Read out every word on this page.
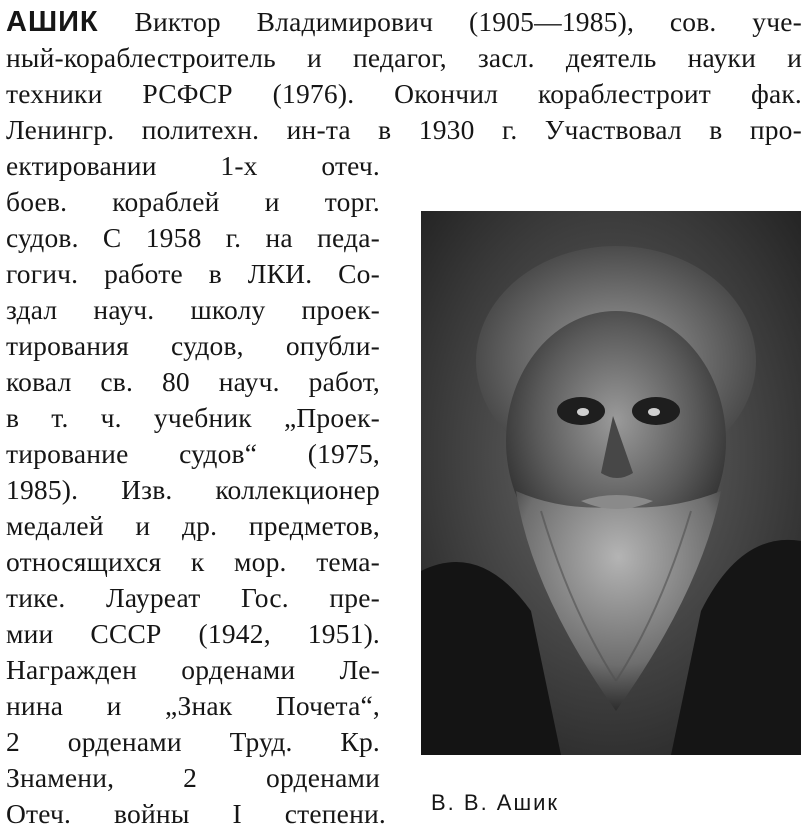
АШИК Виктор Владимирович (1905—1985), сов. уче-
ный-кораблестроитель и педагог, засл. деятель науки и
техники РСФСР (1976). Окончил кораблестроит фак.
Ленингр. политехн. ин-та в 1930 г. Участвовал в про-
ектировании 1-х отеч.
боев. кораблей и торг.
судов. С 1958 г. на педа-
гогич. работе в ЛКИ. Со-
здал науч. школу проек-
тирования судов, опубли-
ковал св. 80 науч. работ,
в т. ч. учебник „Проек-
тирование судов“ (1975,
1985). Изв. коллекционер
медалей и др. предметов,
относящихся к мор. тема-
тике. Лауреат Гос. пре-
мии СССР (1942, 1951).
Награжден орденами Ле-
нина и „Знак Почета“,
2 орденами Труд. Кр.
Знамени, 2 орденами
Отеч. войны I степени. В. В. Ашик
